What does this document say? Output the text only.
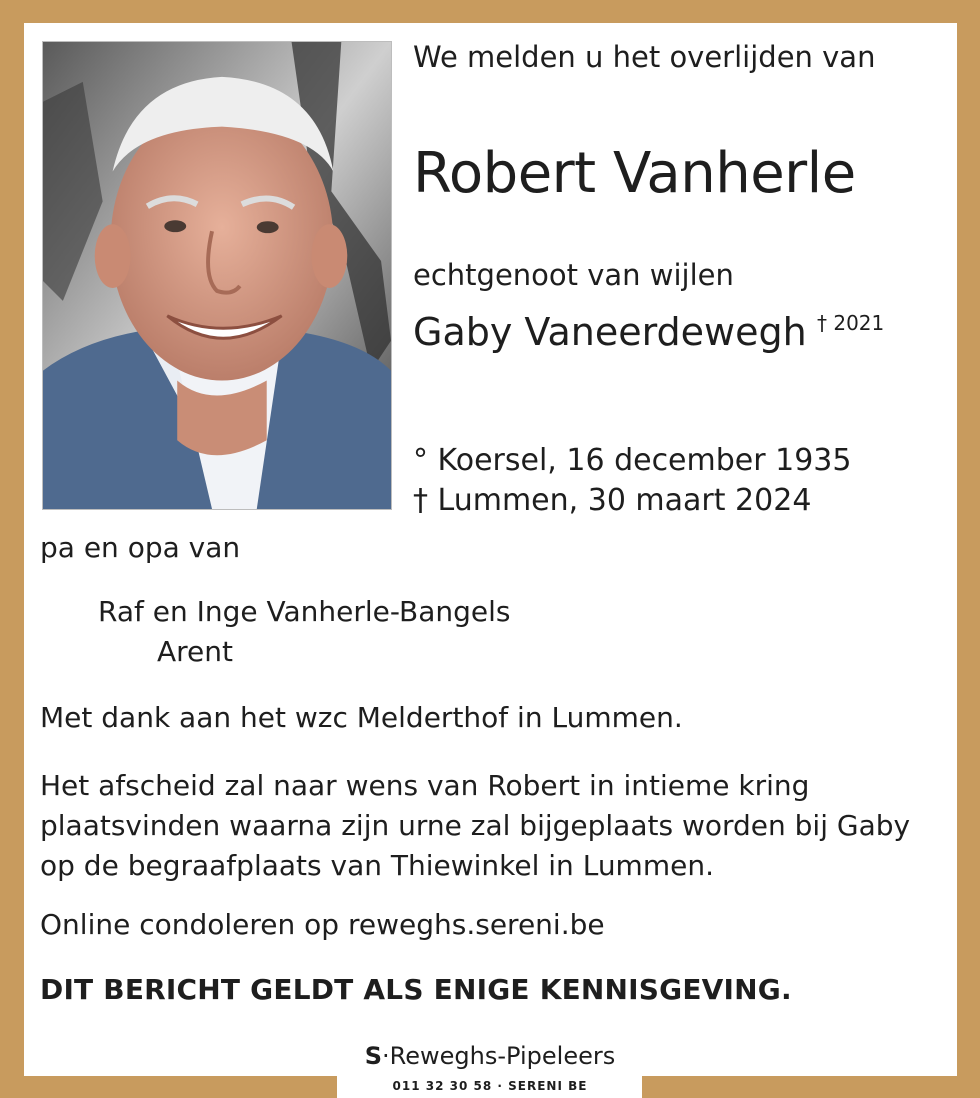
We melden u het overlijden van
Robert Vanherle
echtgenoot van wijlen
Gaby Vaneerdewegh † 2021
° Koersel, 16 december 1935
† Lummen, 30 maart 2024
pa en opa van
Raf en Inge Vanherle-Bangels
Arent
Met dank aan het wzc Melderthof in Lummen.
Het afscheid zal naar wens van Robert in intieme kring
plaatsvinden waarna zijn urne zal bijgeplaats worden bij Gaby
op de begraafplaats van Thiewinkel in Lummen.
Online condoleren op reweghs.sereni.be
DIT BERICHT GELDT ALS ENIGE KENNISGEVING.
S·Reweghs-Pipeleers
011 32 30 58 · SERENI BE
